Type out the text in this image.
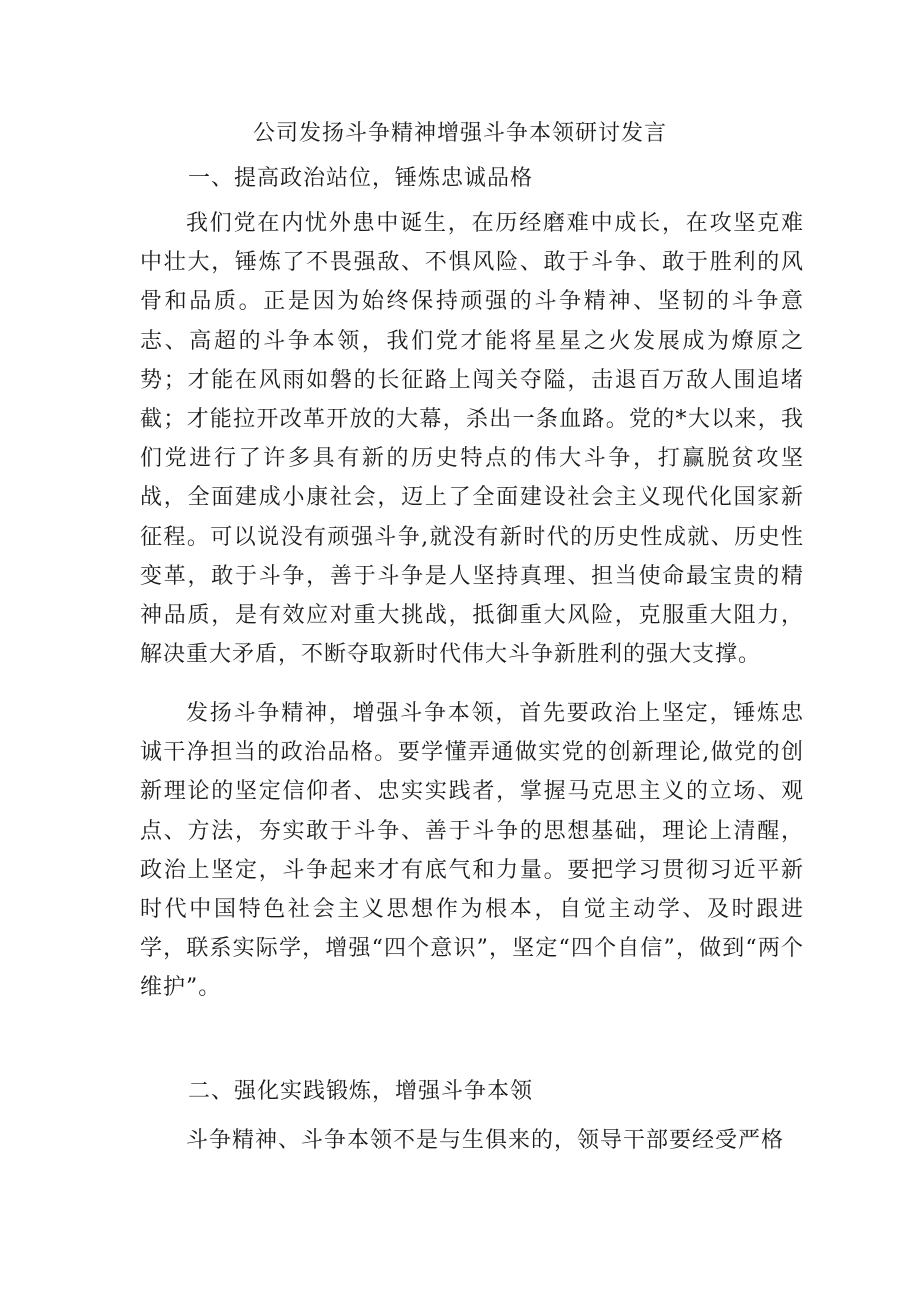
公司发扬斗争精神增强斗争本领研讨发言
一、提高政治站位，锤炼忠诚品格

我们党在内忧外患中诞生，在历经磨难中成长，在攻坚克难中壮大，锤炼了不畏强敌、不惧风险、敢于斗争、敢于胜利的风骨和品质。正是因为始终保持顽强的斗争精神、坚韧的斗争意志、高超的斗争本领，我们党才能将星星之火发展成为燎原之势；才能在风雨如磐的长征路上闯关夺隘，击退百万敌人围追堵截；才能拉开改革开放的大幕，杀出一条血路。党的*大以来，我们党进行了许多具有新的历史特点的伟大斗争，打赢脱贫攻坚战，全面建成小康社会，迈上了全面建设社会主义现代化国家新征程。可以说没有顽强斗争,就没有新时代的历史性成就、历史性变革，敢于斗争，善于斗争是人坚持真理、担当使命最宝贵的精神品质，是有效应对重大挑战，抵御重大风险，克服重大阻力，解决重大矛盾，不断夺取新时代伟大斗争新胜利的强大支撑。

发扬斗争精神，增强斗争本领，首先要政治上坚定，锤炼忠诚干净担当的政治品格。要学懂弄通做实党的创新理论,做党的创新理论的坚定信仰者、忠实实践者，掌握马克思主义的立场、观点、方法，夯实敢于斗争、善于斗争的思想基础，理论上清醒，政治上坚定，斗争起来才有底气和力量。要把学习贯彻习近平新时代中国特色社会主义思想作为根本，自觉主动学、及时跟进学，联系实际学，增强“四个意识”，坚定“四个自信”，做到“两个维护”。

二、强化实践锻炼，增强斗争本领

斗争精神、斗争本领不是与生俱来的，领导干部要经受严格
